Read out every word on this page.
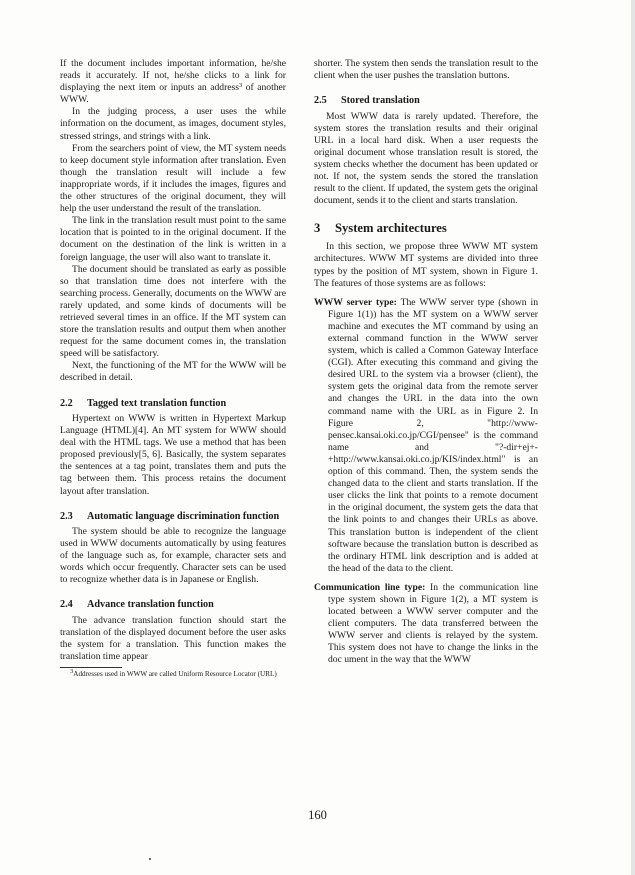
If the document includes important information, he/she reads it accurately. If not, he/she clicks to a link for displaying the next item or inputs an address$^3$ of another WWW.

In the judging process, a user uses the while information on the document, as images, document styles, stressed strings, and strings with a link.

From the searchers point of view, the MT system needs to keep document style information after translation. Even though the translation result will include a few inappropriate words, if it includes the images, figures and the other structures of the original document, they will help the user understand the result of the translation.

The link in the translation result must point to the same location that is pointed to in the original document. If the document on the destination of the link is written in a foreign language, the user will also want to translate it.

The document should be translated as early as possible so that translation time does not interfere with the searching process. Generally, documents on the WWW are rarely updated, and some kinds of documents will be retrieved several times in an office. If the MT system can store the translation results and output them when another request for the same document comes in, the translation speed will be satisfactory.

Next, the functioning of the MT for the WWW will be described in detail.

2.2 Tagged text translation function

Hypertext on WWW is written in Hypertext Markup Language (HTML)[4]. An MT system for WWW should deal with the HTML tags. We use a method that has been proposed previously[5, 6]. Basically, the system separates the sentences at a tag point, translates them and puts the tag between them. This process retains the document layout after translation.

2.3 Automatic language discrimination function

The system should be able to recognize the language used in WWW documents automatically by using features of the language such as, for example, character sets and words which occur frequently. Character sets can be used to recognize whether data is in Japanese or English.

2.4 Advance translation function

The advance translation function should start the translation of the displayed document before the user asks the system for a translation. This function makes the translation time appear

$^3$Addresses used in WWW are called Uniform Resource Locator (URL)

shorter. The system then sends the translation result to the client when the user pushes the translation buttons.

2.5 Stored translation

Most WWW data is rarely updated. Therefore, the system stores the translation results and their original URL in a local hard disk. When a user requests the original document whose translation result is stored, the system checks whether the document has been updated or not. If not, the system sends the stored the translation result to the client. If updated, the system gets the original document, sends it to the client and starts translation.

3 System architectures

In this section, we propose three WWW MT system architectures. WWW MT systems are divided into three types by the position of MT system, shown in Figure 1. The features of those systems are as follows:

WWW server type: The WWW server type (shown in Figure 1(1)) has the MT system on a WWW server machine and executes the MT command by using an external command function in the WWW server system, which is called a Common Gateway Interface (CGI). After executing this command and giving the desired URL to the system via a browser (client), the system gets the original data from the remote server and changes the URL in the data into the own command name with the URL as in Figure 2. In Figure 2, "http://www-pensec.kansai.oki.co.jp/CGI/pensee" is the command name and "?-dir+ej+-+http://www.kansai.oki.co.jp/KIS/index.html" is an option of this command. Then, the system sends the changed data to the client and starts translation. If the user clicks the link that points to a remote document in the original document, the system gets the data that the link points to and changes their URLs as above. This translation button is independent of the client software because the translation button is described as the ordinary HTML link description and is added at the head of the data to the client.

Communication line type: In the communication line type system shown in Figure 1(2), a MT system is located between a WWW server computer and the client computers. The data transferred between the WWW server and clients is relayed by the system. This system does not have to change the links in the doc ument in the way that the WWW

160
